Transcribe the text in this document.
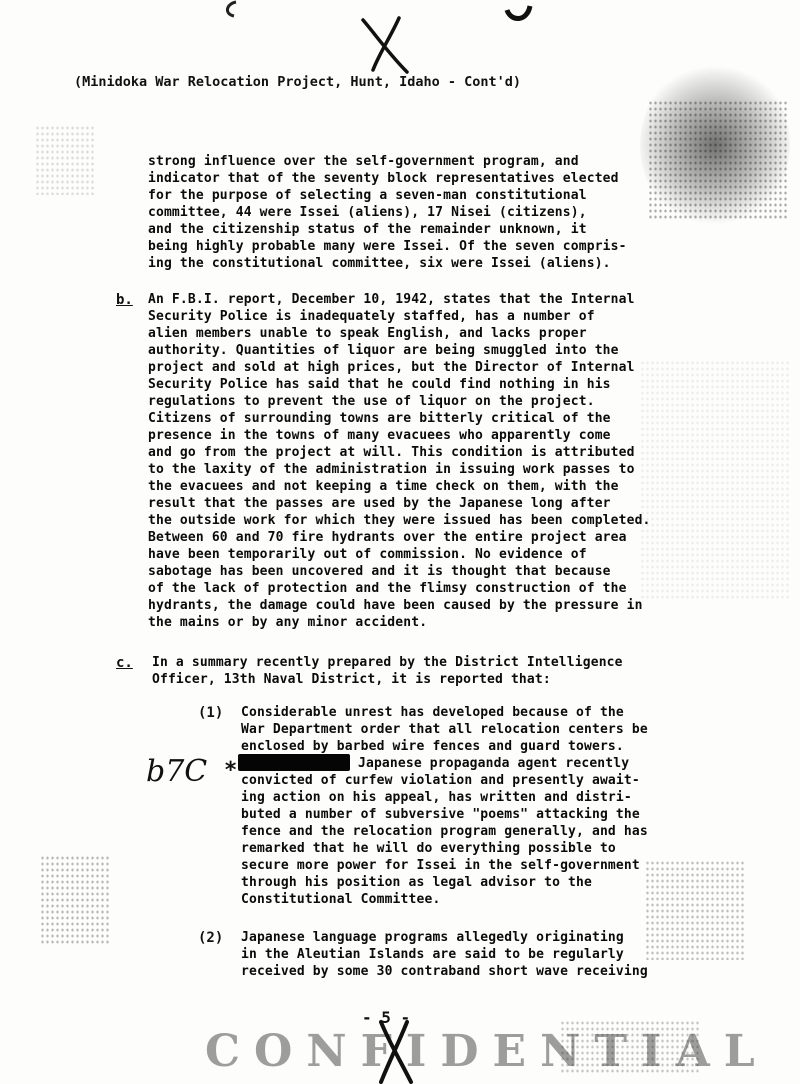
(Minidoka War Relocation Project, Hunt, Idaho - Cont'd)
strong influence over the self-government program, and
indicator that of the seventy block representatives elected
for the purpose of selecting a seven-man constitutional
committee, 44 were Issei (aliens), 17 Nisei (citizens),
and the citizenship status of the remainder unknown, it
being highly probable many were Issei. Of the seven compris-
ing the constitutional committee, six were Issei (aliens).
b. An F.B.I. report, December 10, 1942, states that the Internal
Security Police is inadequately staffed, has a number of
alien members unable to speak English, and lacks proper
authority. Quantities of liquor are being smuggled into the
project and sold at high prices, but the Director of Internal
Security Police has said that he could find nothing in his
regulations to prevent the use of liquor on the project.
Citizens of surrounding towns are bitterly critical of the
presence in the towns of many evacuees who apparently come
and go from the project at will. This condition is attributed
to the laxity of the administration in issuing work passes to
the evacuees and not keeping a time check on them, with the
result that the passes are used by the Japanese long after
the outside work for which they were issued has been completed.
Between 60 and 70 fire hydrants over the entire project area
have been temporarily out of commission. No evidence of
sabotage has been uncovered and it is thought that because
of the lack of protection and the flimsy construction of the
hydrants, the damage could have been caused by the pressure in
the mains or by any minor accident.
c. In a summary recently prepared by the District Intelligence
Officer, 13th Naval District, it is reported that:
(1) Considerable unrest has developed because of the
War Department order that all relocation centers be
enclosed by barbed wire fences and guard towers.
Japanese propaganda agent recently
convicted of curfew violation and presently await-
ing action on his appeal, has written and distri-
buted a number of subversive "poems" attacking the
fence and the relocation program generally, and has
remarked that he will do everything possible to
secure more power for Issei in the self-government
through his position as legal advisor to the
Constitutional Committee.
b7C *
(2) Japanese language programs allegedly originating
in the Aleutian Islands are said to be regularly
received by some 30 contraband short wave receiving
- 5 -
CONFIDENTIAL
